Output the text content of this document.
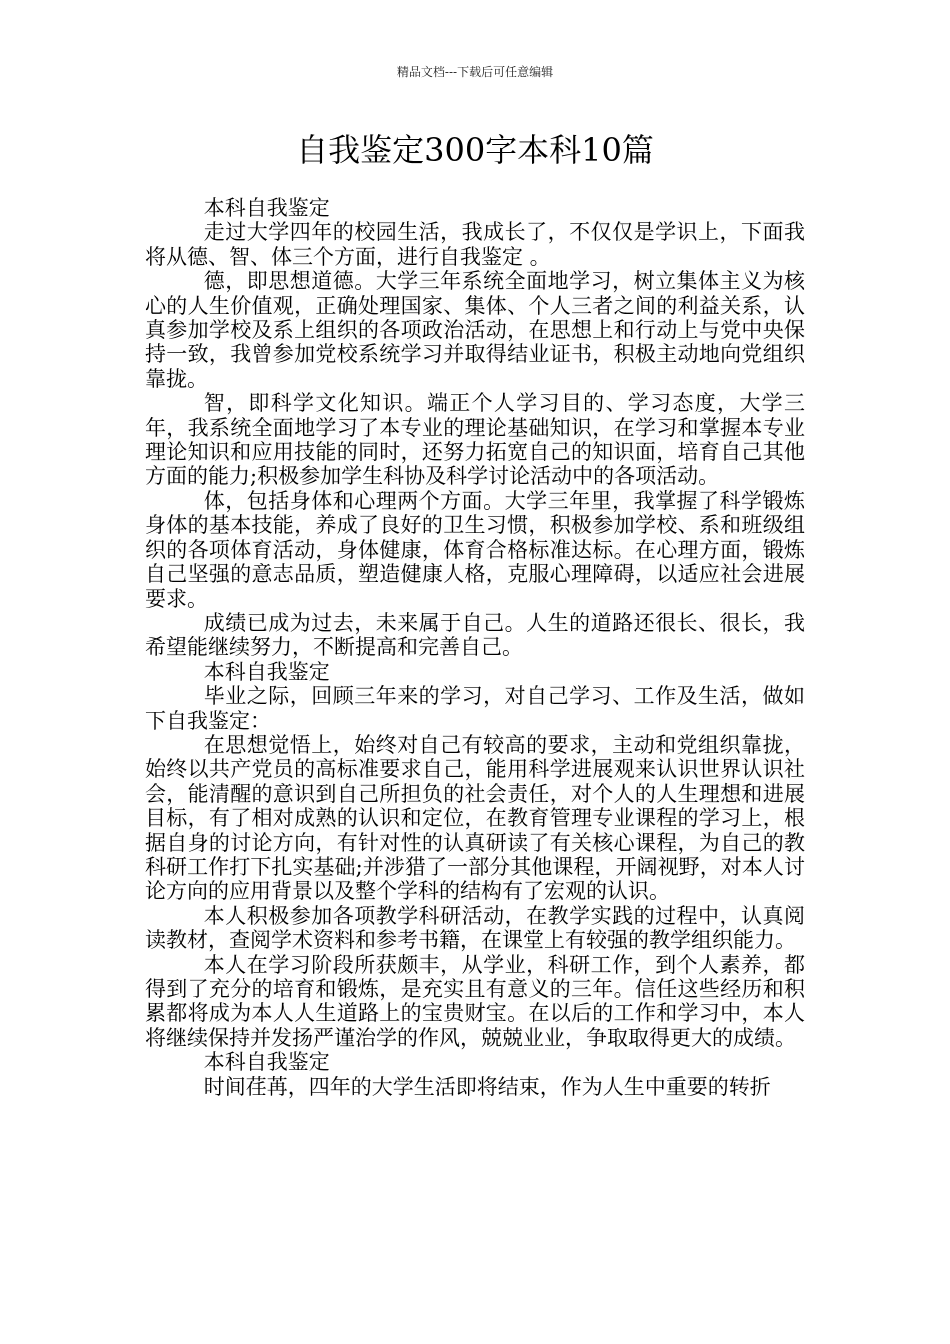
精品文档---下载后可任意编辑
自我鉴定300字本科10篇

本科自我鉴定

走过大学四年的校园生活，我成长了，不仅仅是学识上，下面我将从德、智、体三个方面，进行自我鉴定 。

德，即思想道德。大学三年系统全面地学习，树立集体主义为核心的人生价值观，正确处理国家、集体、个人三者之间的利益关系，认真参加学校及系上组织的各项政治活动，在思想上和行动上与党中央保持一致，我曾参加党校系统学习并取得结业证书，积极主动地向党组织靠拢。

智，即科学文化知识。端正个人学习目的、学习态度，大学三年，我系统全面地学习了本专业的理论基础知识，在学习和掌握本专业理论知识和应用技能的同时，还努力拓宽自己的知识面，培育自己其他方面的能力;积极参加学生科协及科学讨论活动中的各项活动。

体，包括身体和心理两个方面。大学三年里，我掌握了科学锻炼身体的基本技能，养成了良好的卫生习惯，积极参加学校、系和班级组织的各项体育活动，身体健康，体育合格标准达标。在心理方面，锻炼自己坚强的意志品质，塑造健康人格，克服心理障碍，以适应社会进展要求。

成绩已成为过去，未来属于自己。人生的道路还很长、很长，我希望能继续努力，不断提高和完善自己。

本科自我鉴定

毕业之际，回顾三年来的学习，对自己学习、工作及生活，做如下自我鉴定：

在思想觉悟上，始终对自己有较高的要求，主动和党组织靠拢，始终以共产党员的高标准要求自己，能用科学进展观来认识世界认识社会，能清醒的意识到自己所担负的社会责任，对个人的人生理想和进展目标，有了相对成熟的认识和定位，在教育管理专业课程的学习上，根据自身的讨论方向，有针对性的认真研读了有关核心课程，为自己的教科研工作打下扎实基础;并涉猎了一部分其他课程，开阔视野，对本人讨论方向的应用背景以及整个学科的结构有了宏观的认识。

本人积极参加各项教学科研活动，在教学实践的过程中，认真阅读教材，查阅学术资料和参考书籍，在课堂上有较强的教学组织能力。

本人在学习阶段所获颇丰，从学业，科研工作，到个人素养，都得到了充分的培育和锻炼，是充实且有意义的三年。信任这些经历和积累都将成为本人人生道路上的宝贵财宝。在以后的工作和学习中，本人将继续保持并发扬严谨治学的作风，兢兢业业，争取取得更大的成绩。

本科自我鉴定

时间荏苒，四年的大学生活即将结束，作为人生中重要的转折
